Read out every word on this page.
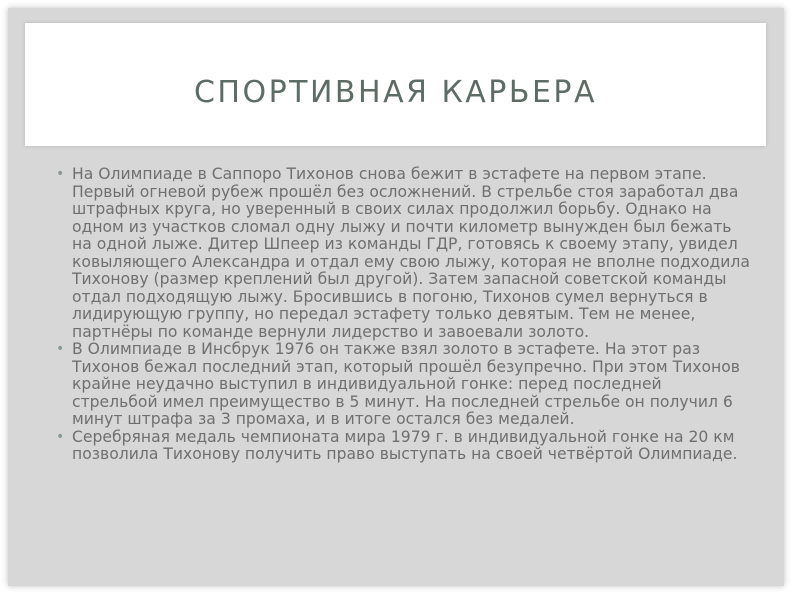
СПОРТИВНАЯ КАРЬЕРА
• На Олимпиаде в Саппоро Тихонов снова бежит в эстафете на первом этапе. Первый огневой рубеж прошёл без осложнений. В стрельбе стоя заработал два штрафных круга, но уверенный в своих силах продолжил борьбу. Однако на одном из участков сломал одну лыжу и почти километр вынужден был бежать на одной лыже. Дитер Шпеер из команды ГДР, готовясь к своему этапу, увидел ковыляющего Александра и отдал ему свою лыжу, которая не вполне подходила Тихонову (размер креплений был другой). Затем запасной советской команды отдал подходящую лыжу. Бросившись в погоню, Тихонов сумел вернуться в лидирующую группу, но передал эстафету только девятым. Тем не менее, партнёры по команде вернули лидерство и завоевали золото.
• В Олимпиаде в Инсбрук 1976 он также взял золото в эстафете. На этот раз Тихонов бежал последний этап, который прошёл безупречно. При этом Тихонов крайне неудачно выступил в индивидуальной гонке: перед последней стрельбой имел преимущество в 5 минут. На последней стрельбе он получил 6 минут штрафа за 3 промаха, и в итоге остался без медалей.
• Серебряная медаль чемпионата мира 1979 г. в индивидуальной гонке на 20 км позволила Тихонову получить право выступать на своей четвёртой Олимпиаде.
